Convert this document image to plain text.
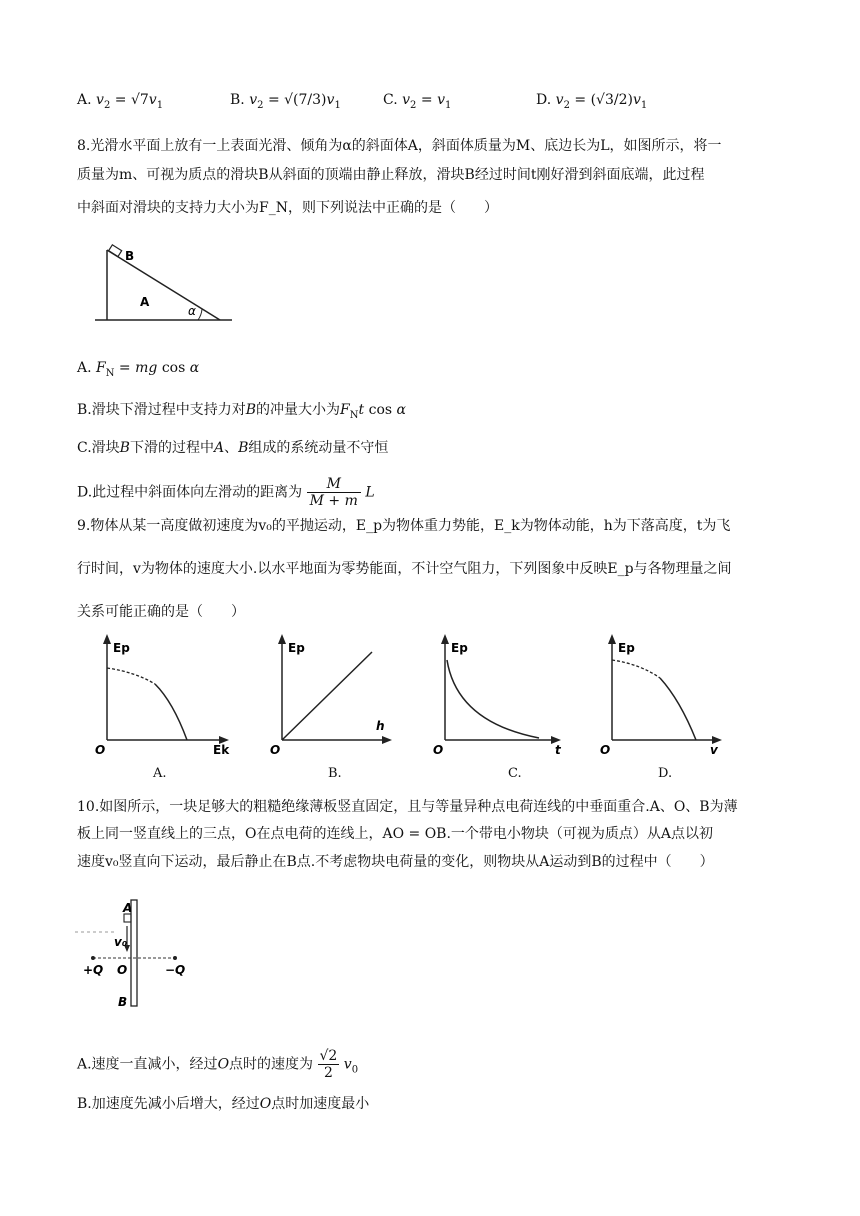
A. $v_2 = √7v_1$	B. $v_2 = √(7/3)v_1$	C. $v_2 = v_1$	D. $v_2 = (√3/2)v_1$
8.光滑水平面上放有一上表面光滑、倾角为α的斜面体A，斜面体质量为M、底边长为L，如图所示，将一
质量为m、可视为质点的滑块B从斜面的顶端由静止释放，滑块B经过时间t刚好滑到斜面底端，此过程
中斜面对滑块的支持力大小为F_N，则下列说法中正确的是（　　）
B
A
α
A. $F_N$ = mg cos α
B.滑块下滑过程中支持力对B的冲量大小为$F_Nt$ cos α
C.滑块B下滑的过程中A、B组成的系统动量不守恒
D.此过程中斜面体向左滑动的距离为 $\frac{M}{M + m}$ L
9.物体从某一高度做初速度为v₀的平抛运动，E_p为物体重力势能，E_k为物体动能，h为下落高度，t为飞
行时间，v为物体的速度大小.以水平地面为零势能面，不计空气阻力，下列图象中反映E_p与各物理量之间
关系可能正确的是（　　）
Ep
O	Ek
Ep
O
h
Ep
O	t
Ep
O	v
A.	B.	C.	D.
10.如图所示，一块足够大的粗糙绝缘薄板竖直固定，且与等量异种点电荷连线的中垂面重合.A、O、B为薄
板上同一竖直线上的三点，O在点电荷的连线上，AO = OB.一个带电小物块（可视为质点）从A点以初
速度v₀竖直向下运动，最后静止在B点.不考虑物块电荷量的变化，则物块从A运动到B的过程中（　　）
A
v₀
+Q O	−Q
B
A.速度一直减小，经过O点时的速度为 $\frac{√2}{2} v_0$
B.加速度先减小后增大，经过O点时加速度最小
